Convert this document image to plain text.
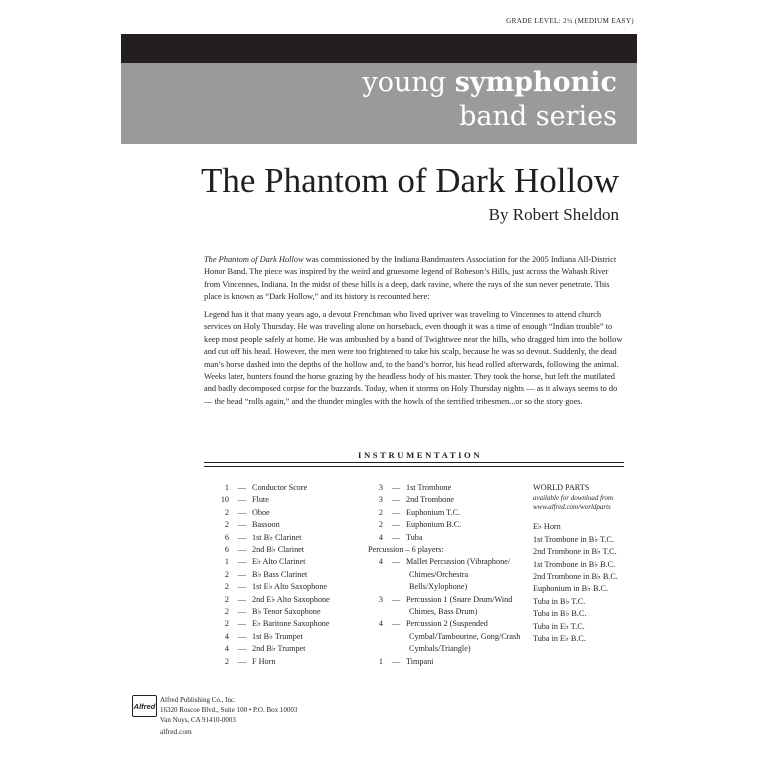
GRADE LEVEL: 2½ (MEDIUM EASY)
young symphonic
band series
The Phantom of Dark Hollow
By Robert Sheldon

The Phantom of Dark Hollow was commissioned by the Indiana Bandmasters Association for the 2005 Indiana All-District Honor Band. The piece was inspired by the weird and gruesome legend of Robeson’s Hills, just across the Wabash River from Vincennes, Indiana. In the midst of these hills is a deep, dark ravine, where the rays of the sun never penetrate. This place is known as “Dark Hollow,” and its history is recounted here:

Legend has it that many years ago, a devout Frenchman who lived upriver was traveling to Vincennes to attend church services on Holy Thursday. He was traveling alone on horseback, even though it was a time of enough “Indian trouble” to keep most people safely at home. He was ambushed by a band of Twightwee near the hills, who dragged him into the hollow and cut off his head. However, the men were too frightened to take his scalp, because he was so devout. Suddenly, the dead man’s horse dashed into the depths of the hollow and, to the band’s horror, his head rolled afterwards, following the animal. Weeks later, hunters found the horse grazing by the headless body of his master. They took the horse, but left the mutilated and badly decomposed corpse for the buzzards. Today, when it storms on Holy Thursday nights — as it always seems to do — the head “rolls again,” and the thunder mingles with the howls of the terrified tribesmen...or so the story goes.

INSTRUMENTATION
1	— Conductor Score
10	— Flute
2	— Oboe
2	— Bassoon
6	— 1st B♭ Clarinet
6	— 2nd B♭ Clarinet
1	— E♭ Alto Clarinet
2	— B♭ Bass Clarinet
2	— 1st E♭ Alto Saxophone
2	— 2nd E♭ Alto Saxophone
2	— B♭ Tenor Saxophone
2	— E♭ Baritone Saxophone
4	— 1st B♭ Trumpet
4	— 2nd B♭ Trumpet
2	— F Horn
3	— 1st Trombone
3	— 2nd Trombone
2	— Euphonium T.C.
2	— Euphonium B.C.
4	— Tuba
Percussion – 6 players:
4	— Mallet Percussion (Vibraphone/
Chimes/Orchestra Bells/Xylophone)
3	— Percussion 1 (Snare Drum/Wind
Chimes, Bass Drum)
4	— Percussion 2 (Suspended
Cymbal/Tambourine, Gong/Crash
Cymbals/Triangle)
1	— Timpani
WORLD PARTS
available for download from
www.alfred.com/worldparts
E♭ Horn
1st Trombone in B♭ T.C.
2nd Trombone in B♭ T.C.
1st Trombone in B♭ B.C.
2nd Trombone in B♭ B.C.
Euphonium in B♭ B.C.
Tuba in B♭ T.C.
Tuba in B♭ B.C.
Tuba in E♭ T.C.
Tuba in E♭ B.C.
Alfred
Alfred Publishing Co., Inc.
16320 Roscoe Blvd., Suite 100 • P.O. Box 10003
Van Nuys, CA 91410-0003
alfred.com
